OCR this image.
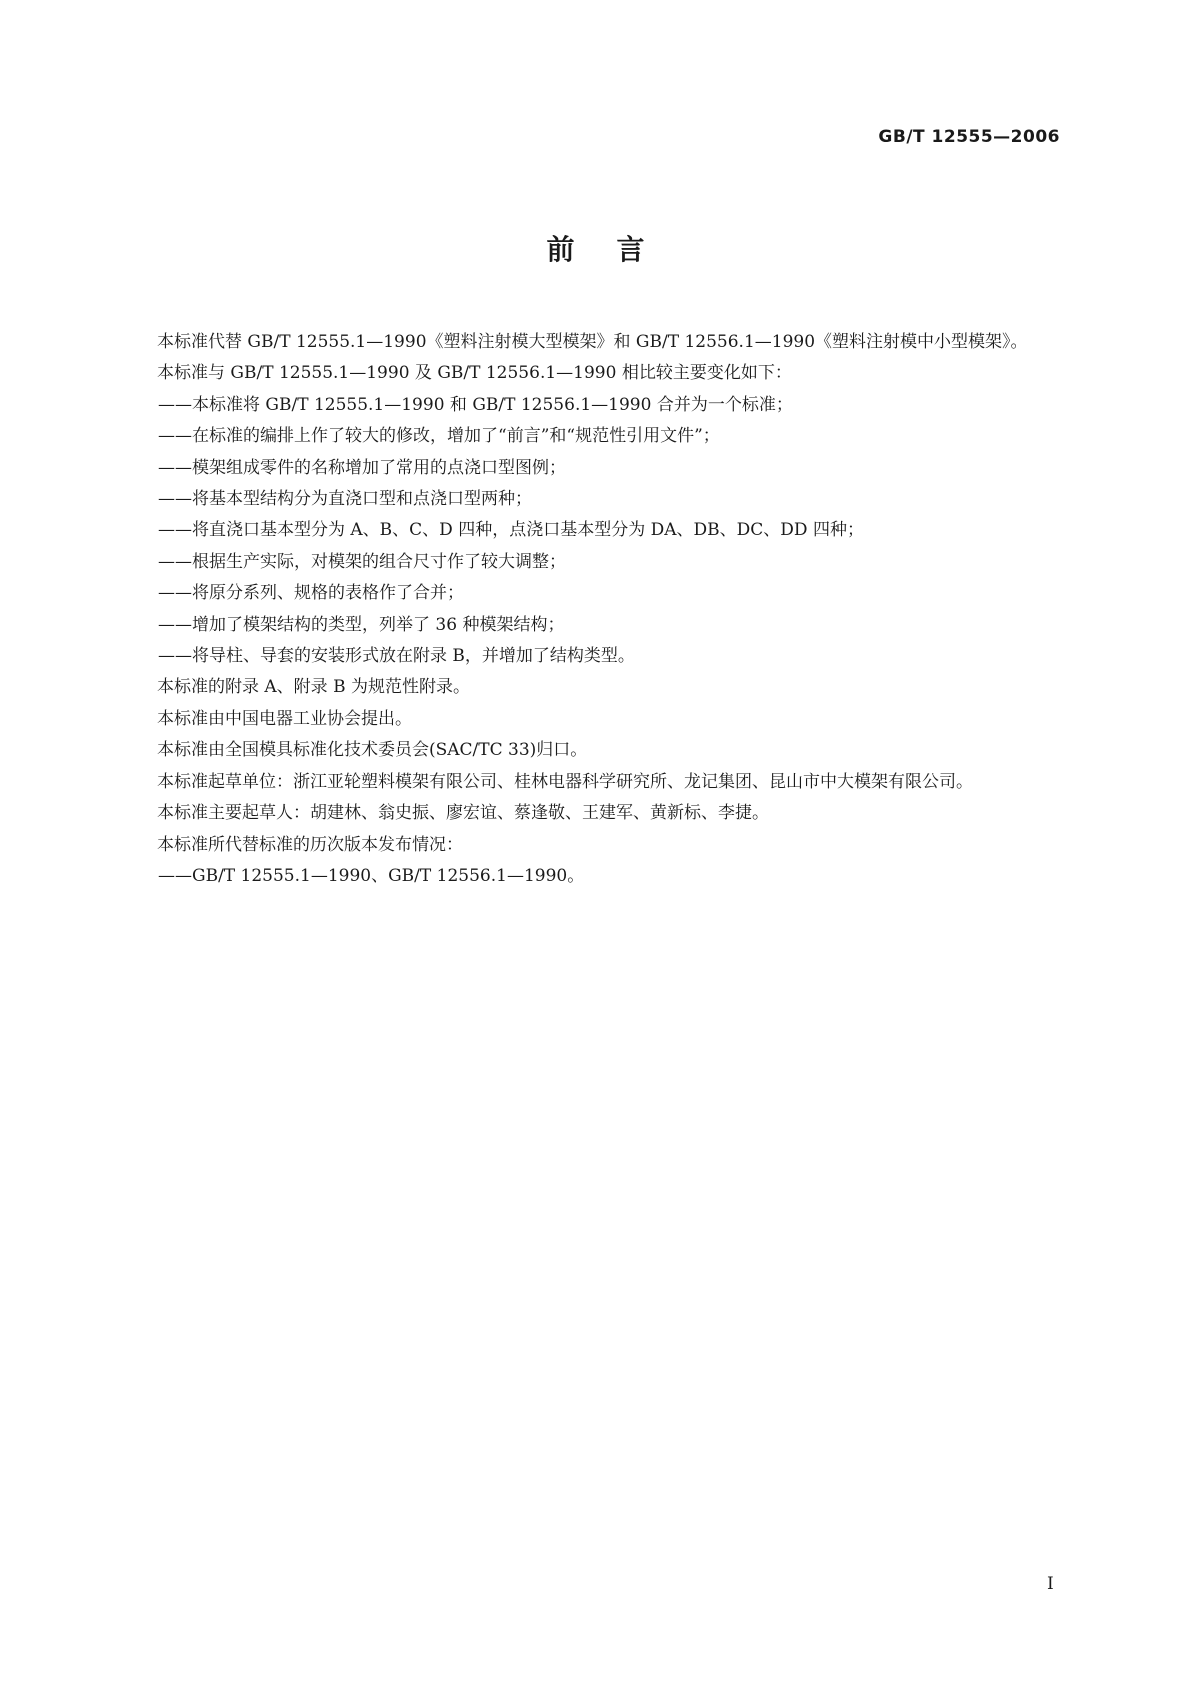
GB/T 12555—2006
前言

本标准代替 GB/T 12555.1—1990《塑料注射模大型模架》和 GB/T 12556.1—1990《塑料注射模中小型模架》。

本标准与 GB/T 12555.1—1990 及 GB/T 12556.1—1990 相比较主要变化如下：

——本标准将 GB/T 12555.1—1990 和 GB/T 12556.1—1990 合并为一个标准；

——在标准的编排上作了较大的修改，增加了“前言”和“规范性引用文件”；

——模架组成零件的名称增加了常用的点浇口型图例；

——将基本型结构分为直浇口型和点浇口型两种；

——将直浇口基本型分为 A、B、C、D 四种，点浇口基本型分为 DA、DB、DC、DD 四种；

——根据生产实际，对模架的组合尺寸作了较大调整；

——将原分系列、规格的表格作了合并；

——增加了模架结构的类型，列举了 36 种模架结构；

——将导柱、导套的安装形式放在附录 B，并增加了结构类型。

本标准的附录 A、附录 B 为规范性附录。

本标准由中国电器工业协会提出。

本标准由全国模具标准化技术委员会(SAC/TC 33)归口。

本标准起草单位：浙江亚轮塑料模架有限公司、桂林电器科学研究所、龙记集团、昆山市中大模架有限公司。

本标准主要起草人：胡建林、翁史振、廖宏谊、蔡逢敬、王建军、黄新标、李捷。

本标准所代替标准的历次版本发布情况：

——GB/T 12555.1—1990、GB/T 12556.1—1990。

I
